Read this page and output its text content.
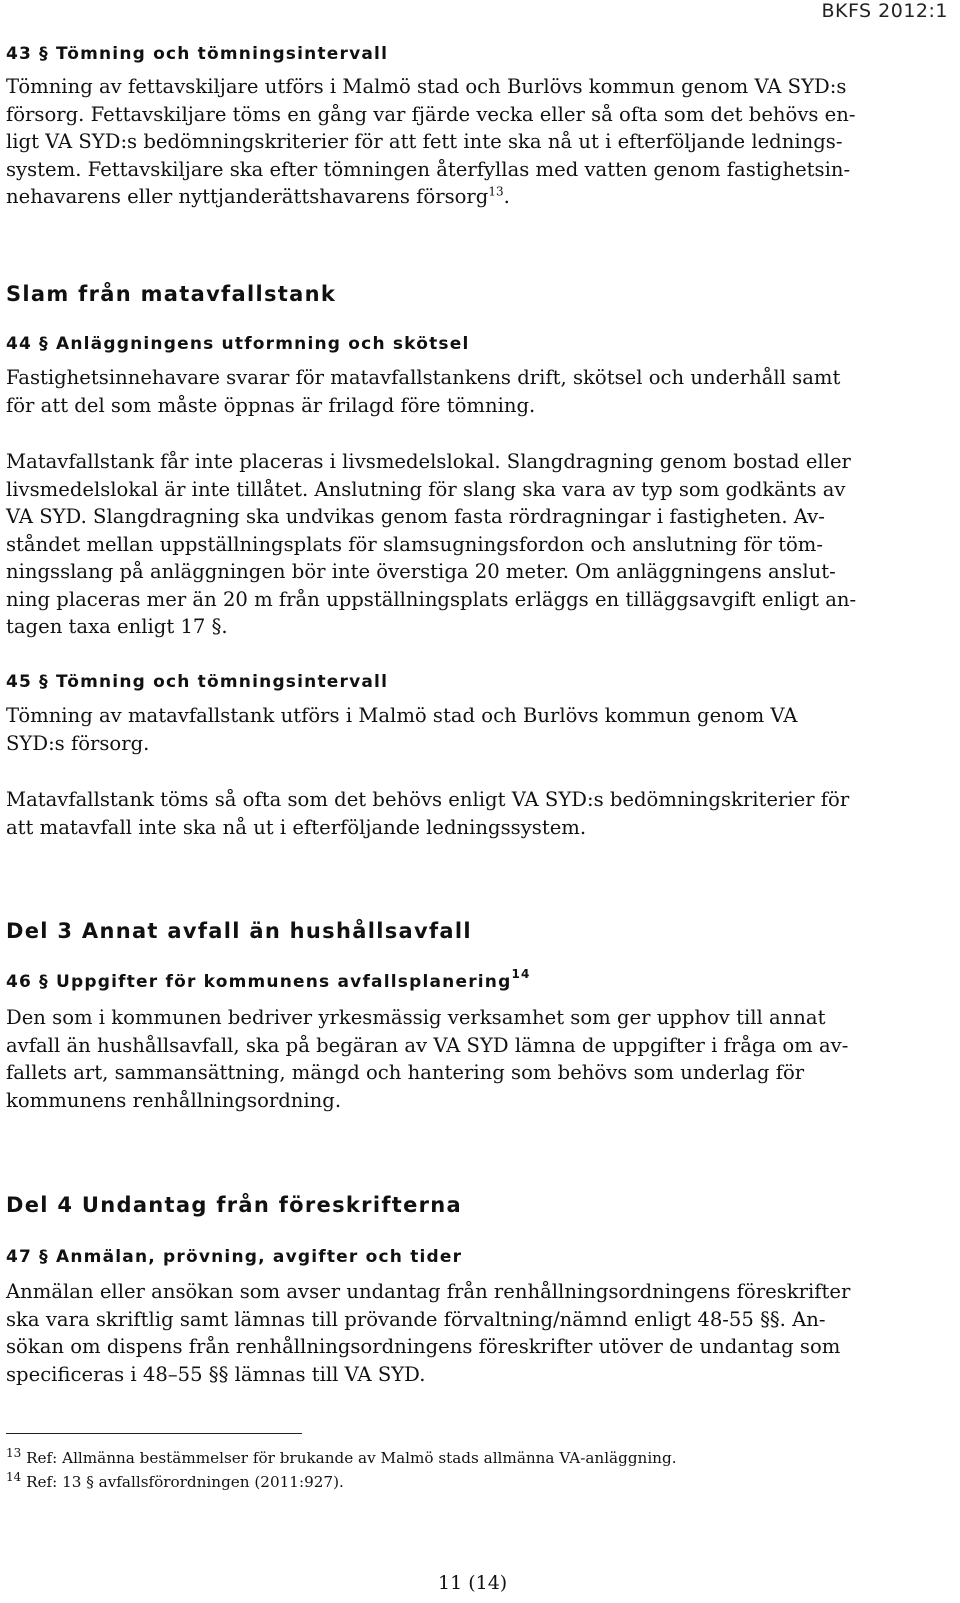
BKFS 2012:1
43 § Tömning och tömningsintervall
Tömning av fettavskiljare utförs i Malmö stad och Burlövs kommun genom VA SYD:s
försorg. Fettavskiljare töms en gång var fjärde vecka eller så ofta som det behövs en-
ligt VA SYD:s bedömningskriterier för att fett inte ska nå ut i efterföljande lednings-
system. Fettavskiljare ska efter tömningen återfyllas med vatten genom fastighetsin-
nehavarens eller nyttjanderättshavarens försorg$^{13}$.
Slam från matavfallstank
44 § Anläggningens utformning och skötsel
Fastighetsinnehavare svarar för matavfallstankens drift, skötsel och underhåll samt
för att del som måste öppnas är frilagd före tömning.
Matavfallstank får inte placeras i livsmedelslokal. Slangdragning genom bostad eller
livsmedelslokal är inte tillåtet. Anslutning för slang ska vara av typ som godkänts av
VA SYD. Slangdragning ska undvikas genom fasta rördragningar i fastigheten. Av-
ståndet mellan uppställningsplats för slamsugningsfordon och anslutning för töm-
ningsslang på anläggningen bör inte överstiga 20 meter. Om anläggningens anslut-
ning placeras mer än 20 m från uppställningsplats erläggs en tilläggsavgift enligt an-
tagen taxa enligt 17 §.
45 § Tömning och tömningsintervall
Tömning av matavfallstank utförs i Malmö stad och Burlövs kommun genom VA
SYD:s försorg.
Matavfallstank töms så ofta som det behövs enligt VA SYD:s bedömningskriterier för
att matavfall inte ska nå ut i efterföljande ledningssystem.
Del 3 Annat avfall än hushållsavfall
46 § Uppgifter för kommunens avfallsplanering$^{14}$
Den som i kommunen bedriver yrkesmässig verksamhet som ger upphov till annat
avfall än hushållsavfall, ska på begäran av VA SYD lämna de uppgifter i fråga om av-
fallets art, sammansättning, mängd och hantering som behövs som underlag för
kommunens renhållningsordning.
Del 4 Undantag från föreskrifterna
47 § Anmälan, prövning, avgifter och tider
Anmälan eller ansökan som avser undantag från renhållningsordningens föreskrifter
ska vara skriftlig samt lämnas till prövande förvaltning/nämnd enligt 48-55 §§. An-
sökan om dispens från renhållningsordningens föreskrifter utöver de undantag som
specificeras i 48–55 §§ lämnas till VA SYD.
$^{13}$ Ref: Allmänna bestämmelser för brukande av Malmö stads allmänna VA-anläggning.
$^{14}$ Ref: 13 § avfallsförordningen (2011:927).
11 (14)
